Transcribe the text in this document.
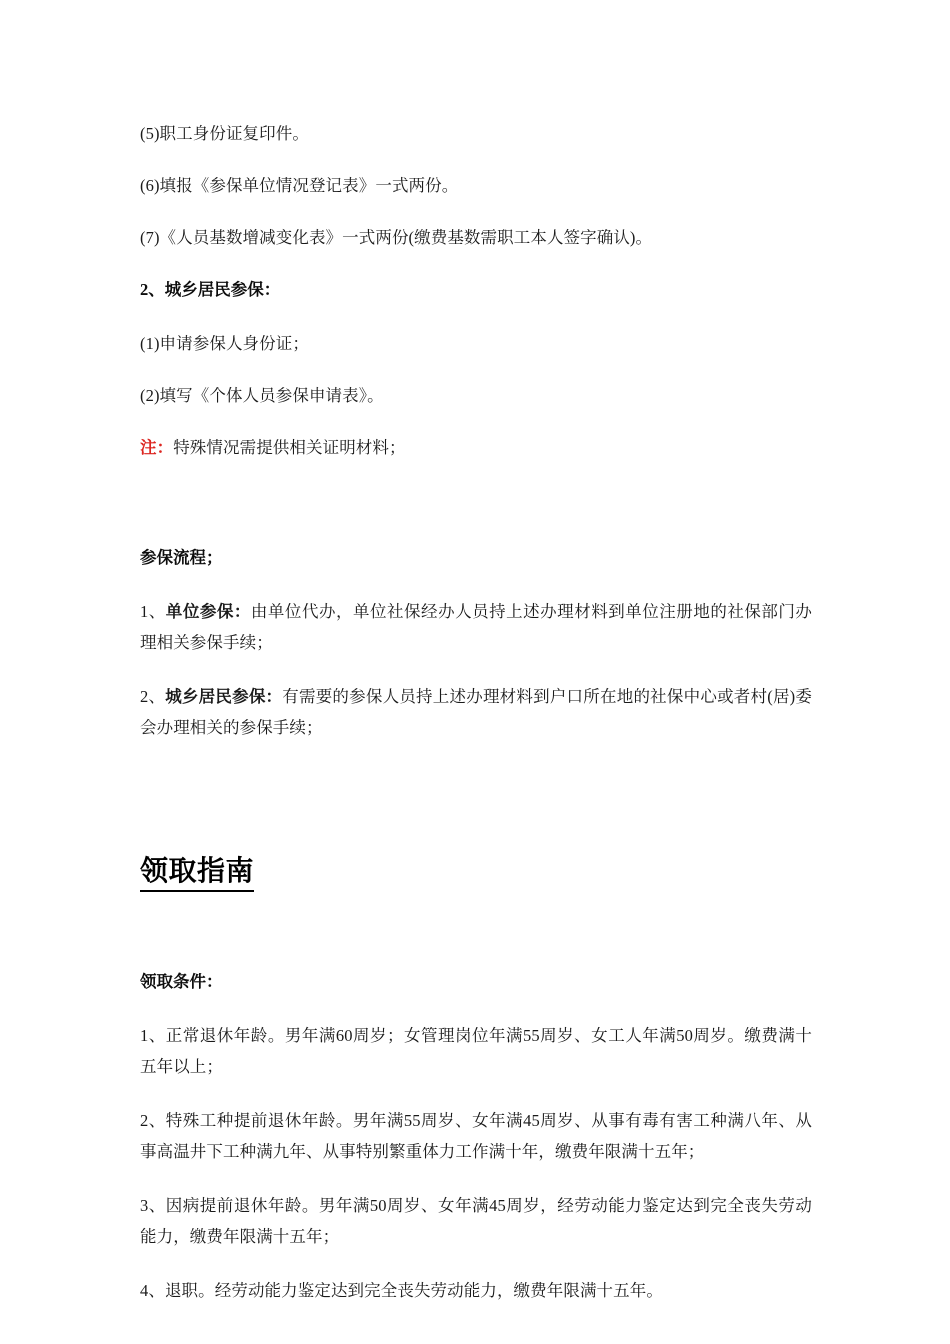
(5)职工身份证复印件。

(6)填报《参保单位情况登记表》一式两份。

(7)《人员基数增减变化表》一式两份(缴费基数需职工本人签字确认)。

2、城乡居民参保：

(1)申请参保人身份证；

(2)填写《个体人员参保申请表》。

注：特殊情况需提供相关证明材料；

参保流程；

1、单位参保：由单位代办，单位社保经办人员持上述办理材料到单位注册地的社保部门办理相关参保手续；

2、城乡居民参保：有需要的参保人员持上述办理材料到户口所在地的社保中心或者村(居)委会办理相关的参保手续；

领取指南

领取条件：

1、正常退休年龄。男年满60周岁；女管理岗位年满55周岁、女工人年满50周岁。缴费满十五年以上；

2、特殊工种提前退休年龄。男年满55周岁、女年满45周岁、从事有毒有害工种满八年、从事高温井下工种满九年、从事特别繁重体力工作满十年，缴费年限满十五年；

3、因病提前退休年龄。男年满50周岁、女年满45周岁，经劳动能力鉴定达到完全丧失劳动能力，缴费年限满十五年；

4、退职。经劳动能力鉴定达到完全丧失劳动能力，缴费年限满十五年。
